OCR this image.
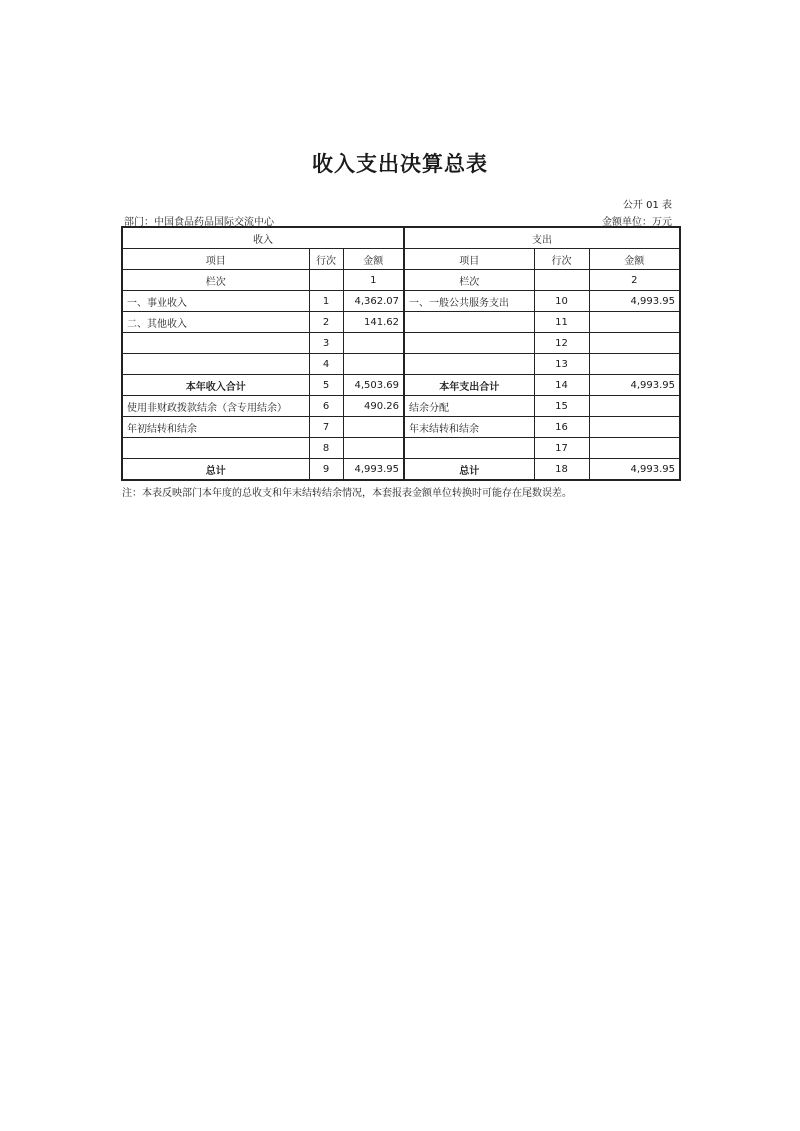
收入支出决算总表
公开 01 表
部门：中国食品药品国际交流中心	金额单位：万元
收入			支出		
项目	行次	金额	项目	行次	金额
栏次		1	栏次		2
一、事业收入	1	4,362.07	一、一般公共服务支出	10	4,993.95
二、其他收入	2	141.62		11	
	3			12	
	4			13	
本年收入合计	5	4,503.69	本年支出合计	14	4,993.95
使用非财政拨款结余（含专用结余）	6	490.26	结余分配	15	
年初结转和结余	7		年末结转和结余	16	
	8			17	
总计	9	4,993.95	总计	18	4,993.95
注：本表反映部门本年度的总收支和年末结转结余情况，本套报表金额单位转换时可能存在尾数误差。
